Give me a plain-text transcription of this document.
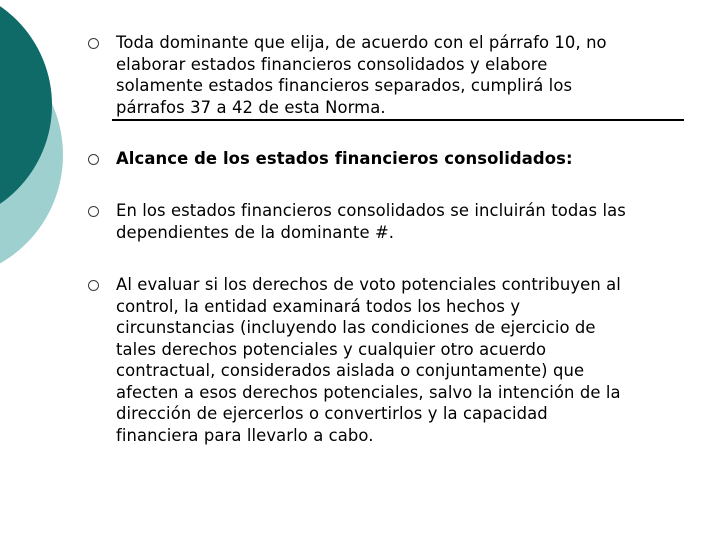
Toda dominante que elija, de acuerdo con el párrafo 10, no
elaborar estados financieros consolidados y elabore
solamente estados financieros separados, cumplirá los
párrafos 37 a 42 de esta Norma.
Alcance de los estados financieros consolidados:
En los estados financieros consolidados se incluirán todas las
dependientes de la dominante #.
Al evaluar si los derechos de voto potenciales contribuyen al
control, la entidad examinará todos los hechos y
circunstancias (incluyendo las condiciones de ejercicio de
tales derechos potenciales y cualquier otro acuerdo
contractual, considerados aislada o conjuntamente) que
afecten a esos derechos potenciales, salvo la intención de la
dirección de ejercerlos o convertirlos y la capacidad
financiera para llevarlo a cabo.
